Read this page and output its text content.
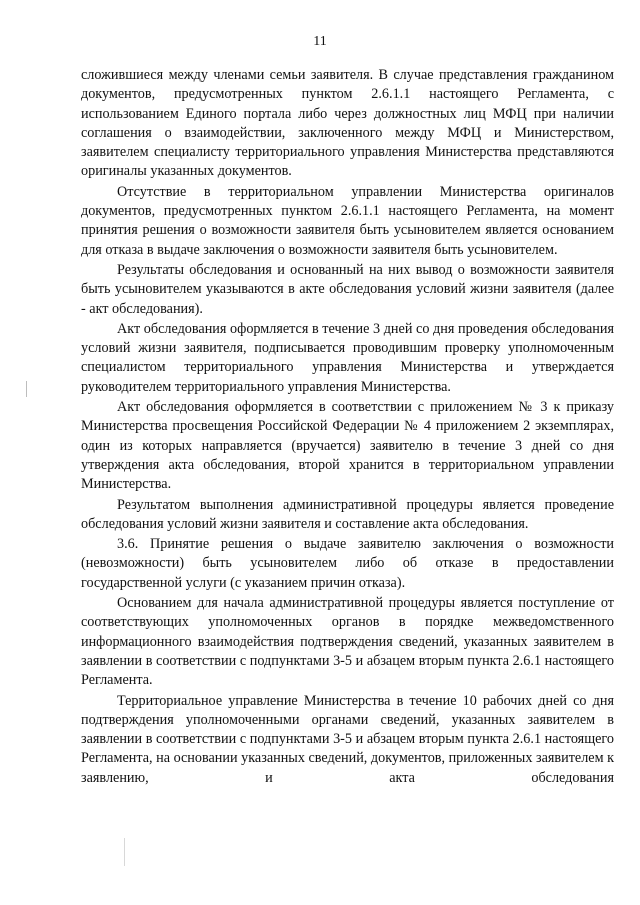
11

сложившиеся между членами семьи заявителя. В случае представления гражданином документов, предусмотренных пунктом 2.6.1.1 настоящего Регламента, с использованием Единого портала либо через должностных лиц МФЦ при наличии соглашения о взаимодействии, заключенного между МФЦ и Министерством, заявителем специалисту территориального управления Министерства представляются оригиналы указанных документов.

Отсутствие в территориальном управлении Министерства оригиналов документов, предусмотренных пунктом 2.6.1.1 настоящего Регламента, на момент принятия решения о возможности заявителя быть усыновителем является основанием для отказа в выдаче заключения о возможности заявителя быть усыновителем.

Результаты обследования и основанный на них вывод о возможности заявителя быть усыновителем указываются в акте обследования условий жизни заявителя (далее - акт обследования).

Акт обследования оформляется в течение 3 дней со дня проведения обследования условий жизни заявителя, подписывается проводившим проверку уполномоченным специалистом территориального управления Министерства и утверждается руководителем территориального управления Министерства.

Акт обследования оформляется в соответствии с приложением № 3 к приказу Министерства просвещения Российской Федерации № 4 приложением 2 экземплярах, один из которых направляется (вручается) заявителю в течение 3 дней со дня утверждения акта обследования, второй хранится в территориальном управлении Министерства.

Результатом выполнения административной процедуры является проведение обследования условий жизни заявителя и составление акта обследования.

3.6. Принятие решения о выдаче заявителю заключения о возможности (невозможности) быть усыновителем либо об отказе в предоставлении государственной услуги (с указанием причин отказа).

Основанием для начала административной процедуры является поступление от соответствующих уполномоченных органов в порядке межведомственного информационного взаимодействия подтверждения сведений, указанных заявителем в заявлении в соответствии с подпунктами 3-5 и абзацем вторым пункта 2.6.1 настоящего Регламента.

Территориальное управление Министерства в течение 10 рабочих дней со дня подтверждения уполномоченными органами сведений, указанных заявителем в заявлении в соответствии с подпунктами 3-5 и абзацем вторым пункта 2.6.1 настоящего Регламента, на основании указанных сведений, документов, приложенных заявителем к заявлению, и акта обследования
